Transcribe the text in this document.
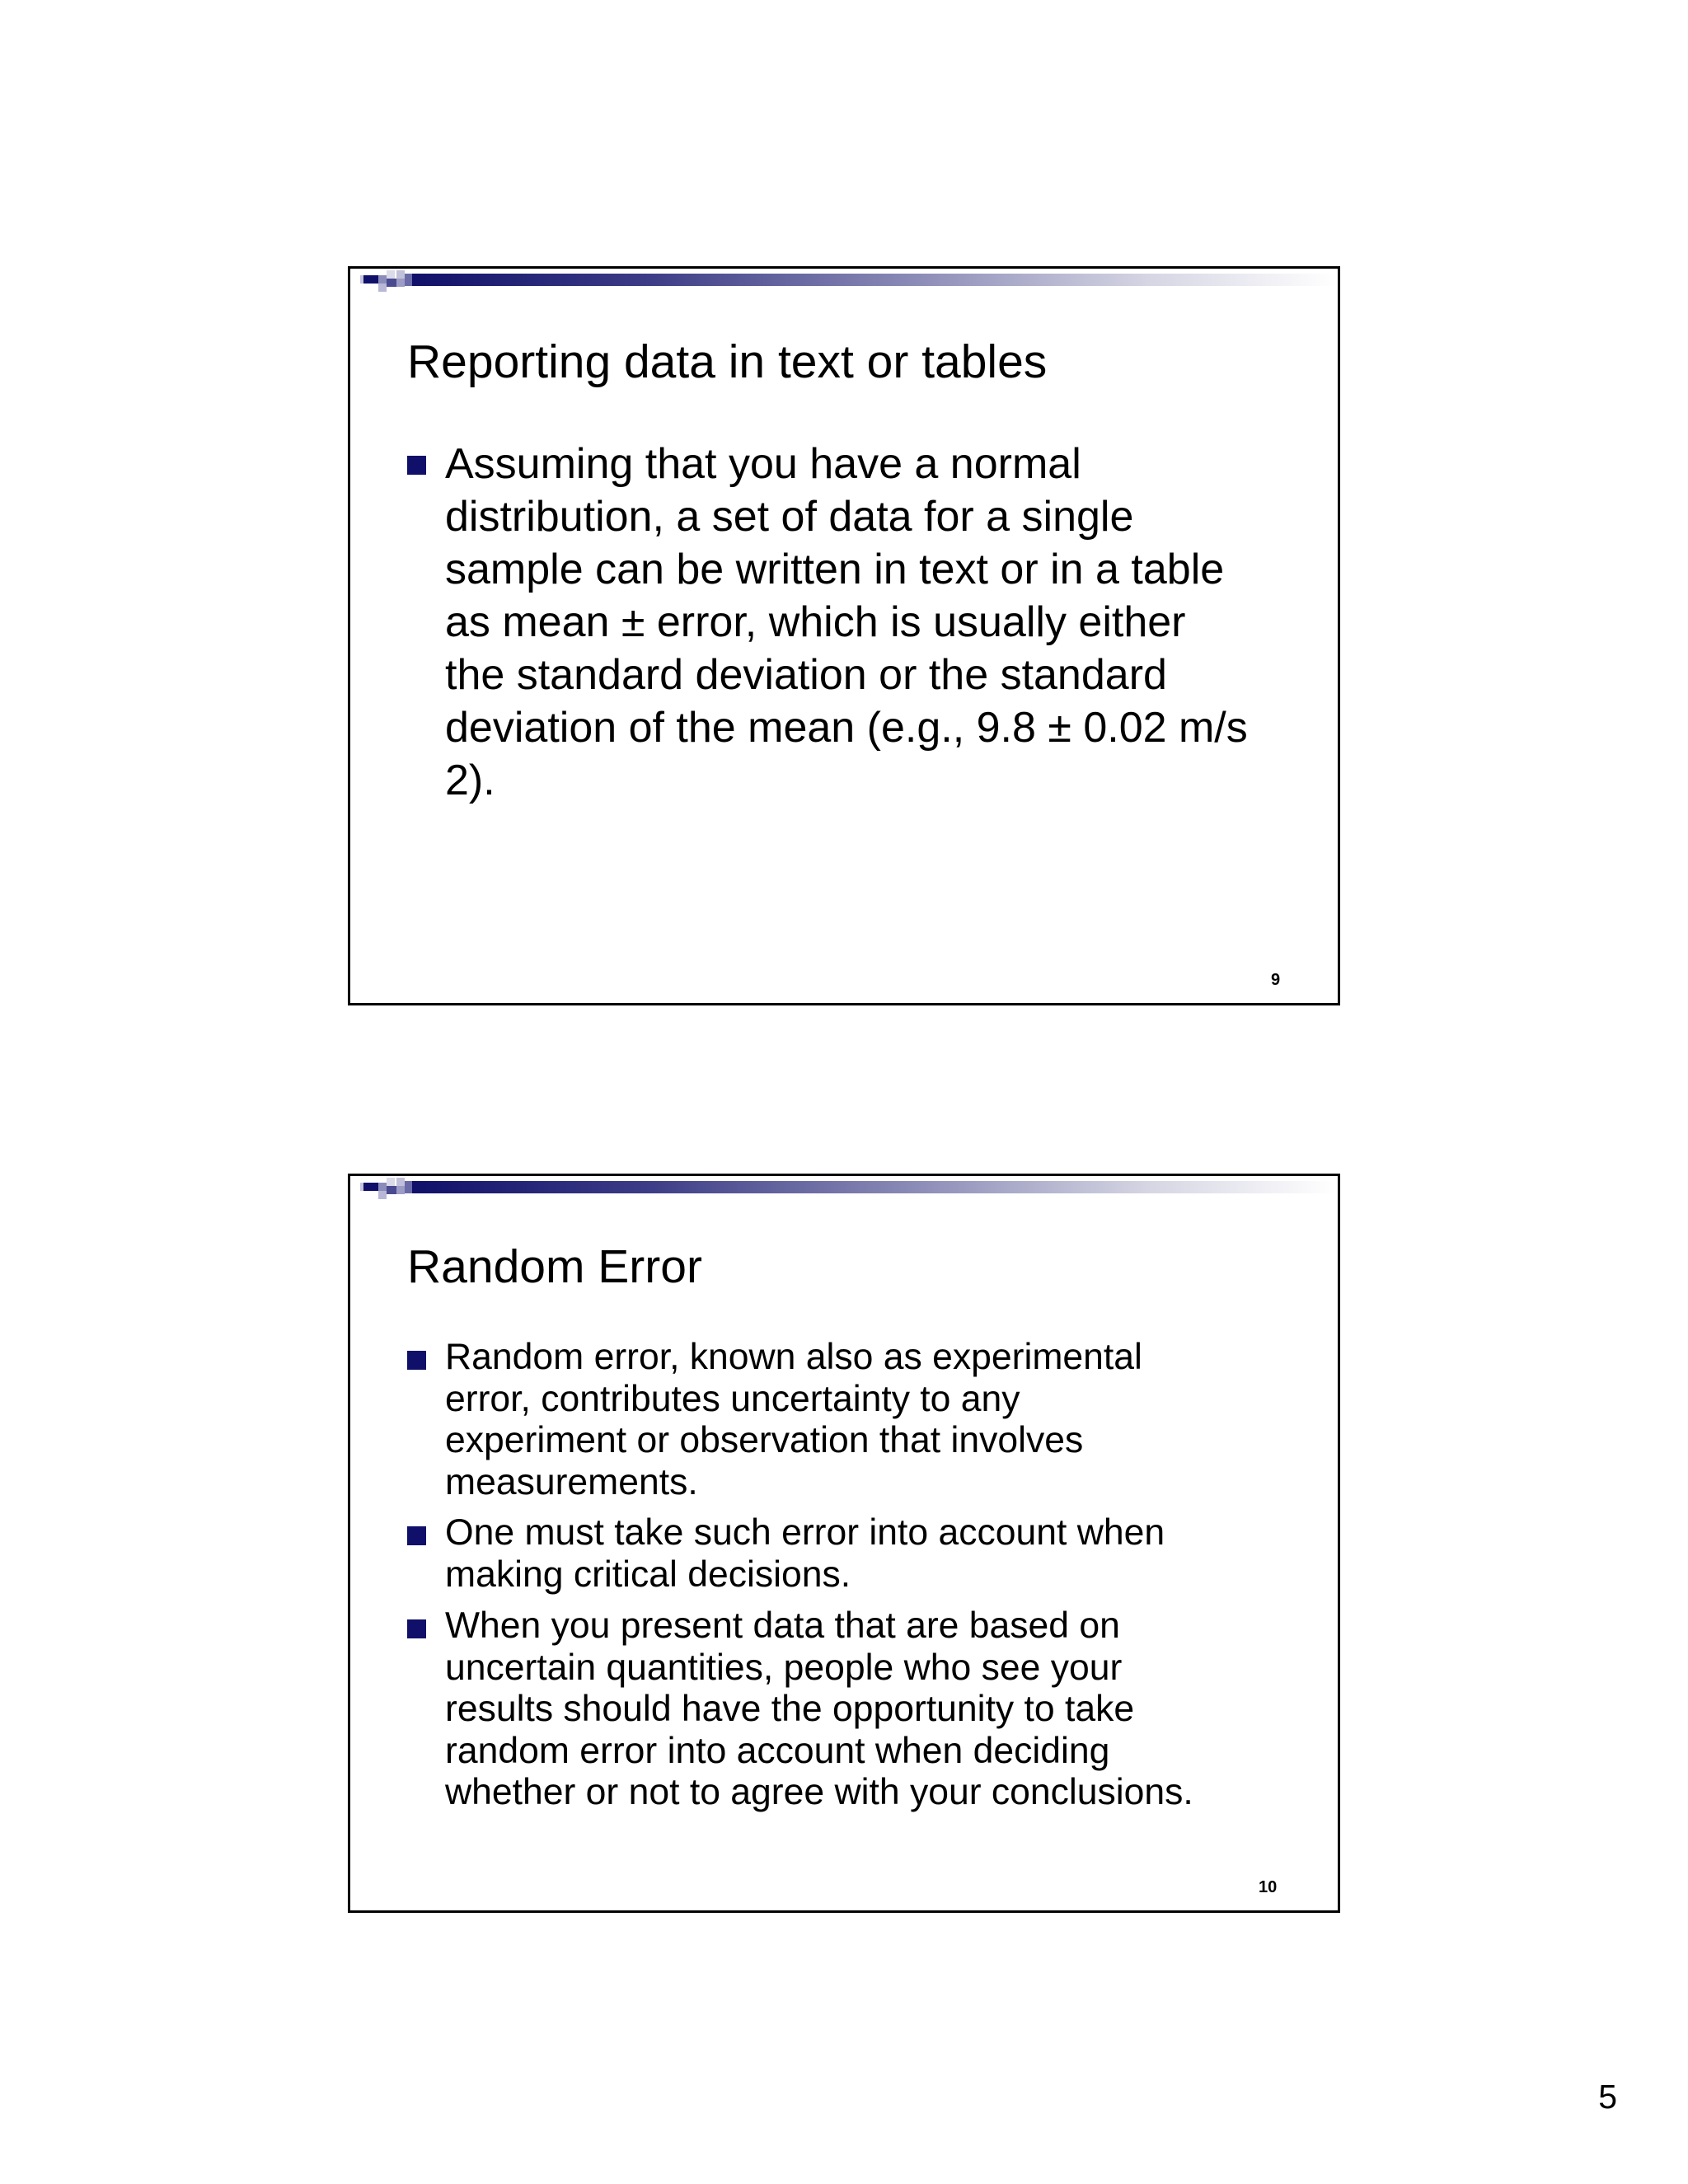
Reporting data in text or tables
Assuming that you have a normal
distribution, a set of data for a single
sample can be written in text or in a table
as mean ± error, which is usually either
the standard deviation or the standard
deviation of the mean (e.g., 9.8 ± 0.02 m/s
2).
9
Random Error
Random error, known also as experimental
error, contributes uncertainty to any
experiment or observation that involves
measurements.
One must take such error into account when
making critical decisions.
When you present data that are based on
uncertain quantities, people who see your
results should have the opportunity to take
random error into account when deciding
whether or not to agree with your conclusions.
10
5
